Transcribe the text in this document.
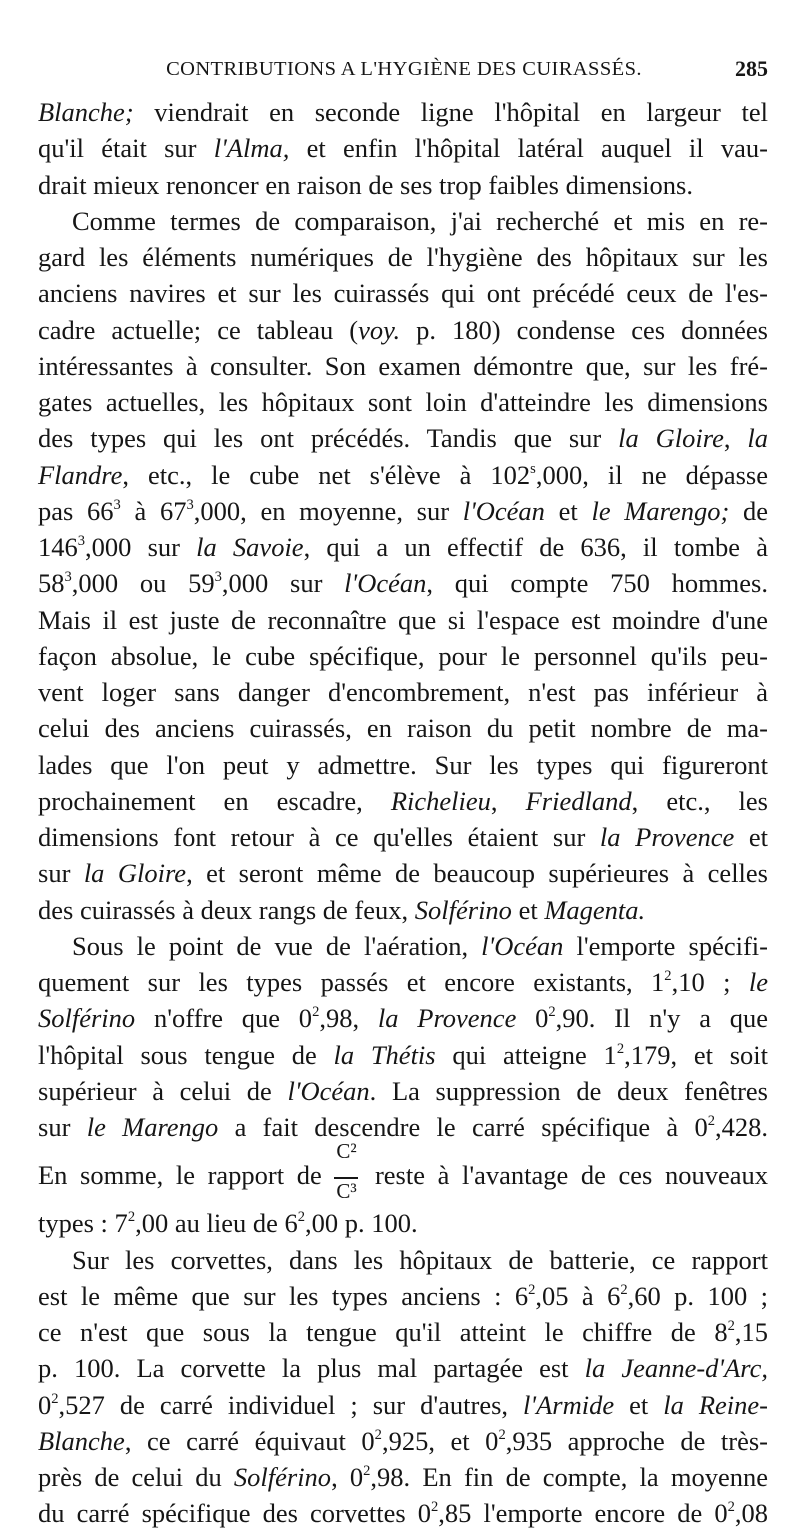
CONTRIBUTIONS A L'HYGIÈNE DES CUIRASSÉS.	285
Blanche; viendrait en seconde ligne l'hôpital en largeur tel
qu'il était sur l'Alma, et enfin l'hôpital latéral auquel il vau-
drait mieux renoncer en raison de ses trop faibles dimensions.
Comme termes de comparaison, j'ai recherché et mis en re-
gard les éléments numériques de l'hygiène des hôpitaux sur les
anciens navires et sur les cuirassés qui ont précédé ceux de l'es-
cadre actuelle; ce tableau (voy. p. 180) condense ces données
intéressantes à consulter. Son examen démontre que, sur les fré-
gates actuelles, les hôpitaux sont loin d'atteindre les dimensions
des types qui les ont précédés. Tandis que sur la Gloire, la
Flandre, etc., le cube net s'élève à 102$^s$,000, il ne dépasse
pas $66^3$ à $67^3,000$, en moyenne, sur l'Océan et le Marengo; de
$146^3,000$ sur la Savoie, qui a un effectif de 636, il tombe à
$58^3,000$ ou $59^3,000$ sur l'Océan, qui compte 750 hommes.
Mais il est juste de reconnaître que si l'espace est moindre d'une
façon absolue, le cube spécifique, pour le personnel qu'ils peu-
vent loger sans danger d'encombrement, n'est pas inférieur à
celui des anciens cuirassés, en raison du petit nombre de ma-
lades que l'on peut y admettre. Sur les types qui figureront
prochainement en escadre, Richelieu, Friedland, etc., les
dimensions font retour à ce qu'elles étaient sur la Provence et
sur la Gloire, et seront même de beaucoup supérieures à celles
des cuirassés à deux rangs de feux, Solférino et Magenta.
Sous le point de vue de l'aération, l'Océan l'emporte spécifi-
quement sur les types passés et encore existants, $1^2,10$ ; le
Solférino n'offre que $0^2,98$, la Provence $0^2,90$. Il n'y a que
l'hôpital sous tengue de la Thétis qui atteigne $1^2,179$, et soit
supérieur à celui de l'Océan. La suppression de deux fenêtres
sur le Marengo a fait descendre le carré spécifique à $0^2,428$.
En somme, le rapport de $\frac{\text{C²}}{\text{C³}}$ reste à l'avantage de ces nouveaux
types : $7^2,00$ au lieu de $6^2,00$ p. 100.
Sur les corvettes, dans les hôpitaux de batterie, ce rapport
est le même que sur les types anciens : $6^2,05$ à $6^2,60$ p. 100 ;
ce n'est que sous la tengue qu'il atteint le chiffre de $8^2,15$
p. 100. La corvette la plus mal partagée est la Jeanne-d'Arc,
$0^2,527$ de carré individuel ; sur d'autres, l'Armide et la Reine-
Blanche, ce carré équivaut $0^2,925$, et $0^2,935$ approche de très-
près de celui du Solférino, $0^2,98$. En fin de compte, la moyenne
du carré spécifique des corvettes $0^2,85$ l'emporte encore de $0^2,08$
